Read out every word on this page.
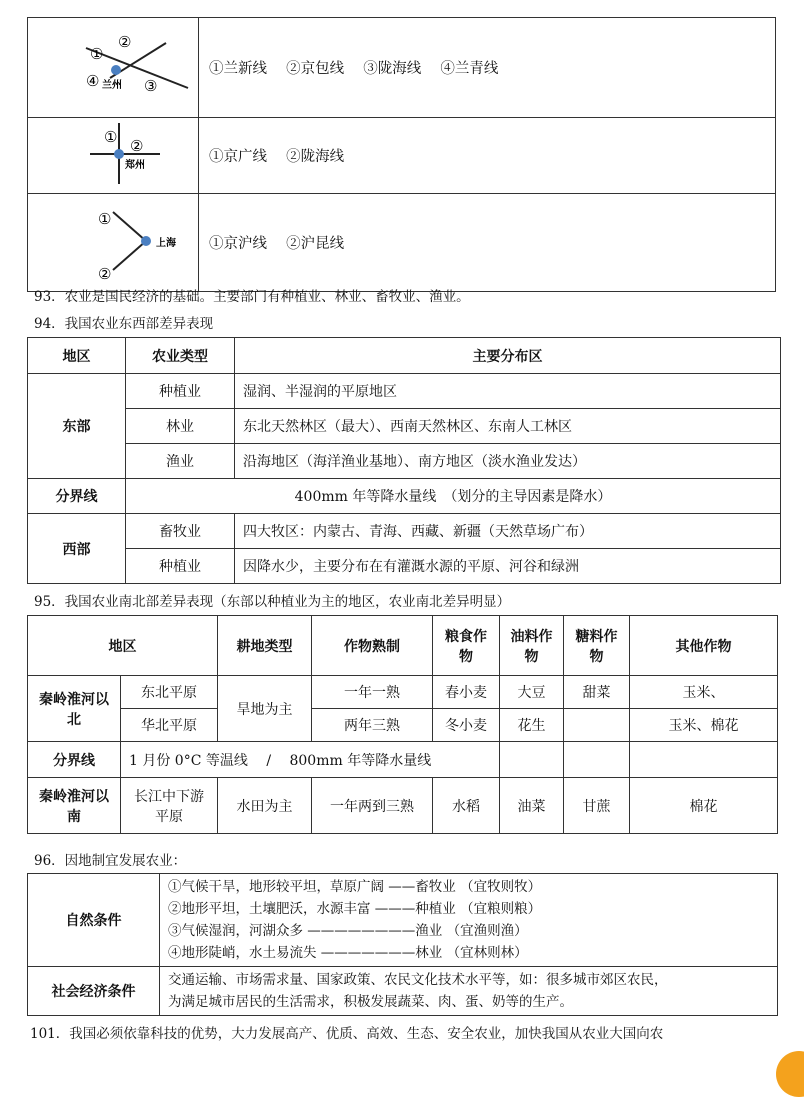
①
②
③
④ 兰州	①兰新线　 ②京包线　 ③陇海线　 ④兰青线

① ②
郑州	①京广线　 ②陇海线

①
②
上海	①京沪线　 ②沪昆线
93．农业是国民经济的基础。主要部门有种植业、林业、畜牧业、渔业。
94．我国农业东西部差异表现
地区	农业类型	主要分布区
东部	种植业	湿润、半湿润的平原地区
	林业	东北天然林区（最大）、西南天然林区、东南人工林区
	渔业	沿海地区（海洋渔业基地）、南方地区（淡水渔业发达）
分界线	400mm 年等降水量线　（划分的主导因素是降水）	
西部	畜牧业	四大牧区：内蒙古、青海、西藏、新疆（天然草场广布）
	种植业	因降水少，主要分布在有灌溉水源的平原、河谷和绿洲
95．我国农业南北部差异表现（东部以种植业为主的地区，农业南北差异明显）
地区		耕地类型	作物熟制	粮食作物	油料作物	糖料作物	其他作物
秦岭淮河以北	东北平原	旱地为主	一年一熟	春小麦	大豆	甜菜	玉米、
	华北平原		两年三熟	冬小麦	花生		玉米、棉花
分界线	1 月份 0°C 等温线　 /　 800mm 年等降水量线						
秦岭淮河以南	长江中下游平原	水田为主	一年两到三熟	水稻	油菜	甘蔗	棉花
96．因地制宜发展农业：
自然条件	①气候干旱，地形较平坦，草原广阔 ——畜牧业 （宜牧则牧）
②地形平坦，土壤肥沃，水源丰富 ———种植业 （宜粮则粮）
③气候湿润，河湖众多 ————————渔业 （宜渔则渔）
④地形陡峭，水土易流失 ———————林业 （宜林则林）

社会经济条件	交通运输、市场需求量、国家政策、农民文化技术水平等，如：很多城市郊区农民，
为满足城市居民的生活需求，积极发展蔬菜、肉、蛋、奶等的生产。
101．我国必须依靠科技的优势，大力发展高产、优质、高效、生态、安全农业，加快我国从农业大国向农
